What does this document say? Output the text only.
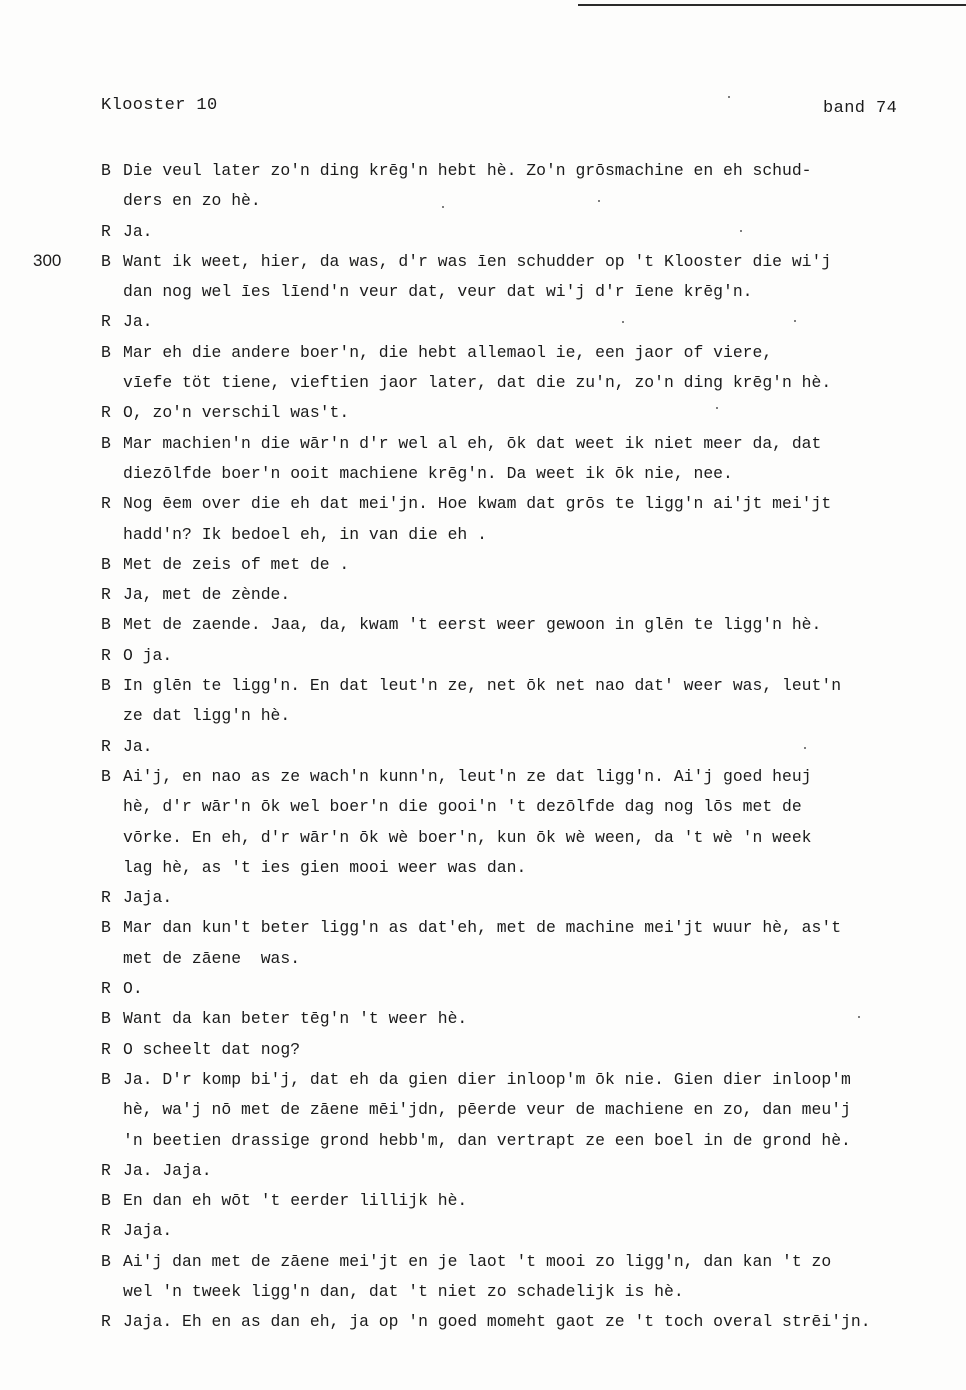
Klooster 10	band 74
300
B Die veul later zo'n ding krēg'n hebt hè. Zo'n grōsmachine en eh schud-
ders en zo hè.
R Ja.
B Want ik weet, hier, da was, d'r was īen schudder op 't Klooster die wi'j
dan nog wel īes līend'n veur dat, veur dat wi'j d'r īene krēg'n.
R Ja.
B Mar eh die andere boer'n, die hebt allemaol ie, een jaor of viere,
vīefe töt tiene, vieftien jaor later, dat die zu'n, zo'n ding krēg'n hè.
R O, zo'n verschil was't.
B Mar machien'n die wār'n d'r wel al eh, ōk dat weet ik niet meer da, dat
diezōlfde boer'n ooit machiene krēg'n. Da weet ik ōk nie, nee.
R Nog ēem over die eh dat mei'jn. Hoe kwam dat grōs te ligg'n ai'jt mei'jt
hadd'n? Ik bedoel eh, in van die eh .
B Met de zeis of met de .
R Ja, met de zènde.
B Met de zaende. Jaa, da, kwam 't eerst weer gewoon in glēn te ligg'n hè.
R O ja.
B In glēn te ligg'n. En dat leut'n ze, net ōk net nao dat' weer was, leut'n
ze dat ligg'n hè.
R Ja.
B Ai'j, en nao as ze wach'n kunn'n, leut'n ze dat ligg'n. Ai'j goed heuj
hè, d'r wār'n ōk wel boer'n die gooi'n 't dezōlfde dag nog lōs met de
vōrke. En eh, d'r wār'n ōk wè boer'n, kun ōk wè ween, da 't wè 'n week
lag hè, as 't ies gien mooi weer was dan.
R Jaja.
B Mar dan kun't beter ligg'n as dat'eh, met de machine mei'jt wuur hè, as't
met de zāene  was.
R O.
B Want da kan beter tēg'n 't weer hè.
R O scheelt dat nog?
B Ja. D'r komp bi'j, dat eh da gien dier inloop'm ōk nie. Gien dier inloop'm
hè, wa'j nō met de zāene mēi'jdn, pēerde veur de machiene en zo, dan meu'j
'n beetien drassige grond hebb'm, dan vertrapt ze een boel in de grond hè.
R Ja. Jaja.
B En dan eh wōt 't eerder lillijk hè.
R Jaja.
B Ai'j dan met de zāene mei'jt en je laot 't mooi zo ligg'n, dan kan 't zo
wel 'n tweek ligg'n dan, dat 't niet zo schadelijk is hè.
R Jaja. Eh en as dan eh, ja op 'n goed momeht gaot ze 't toch overal strēi'jn.
